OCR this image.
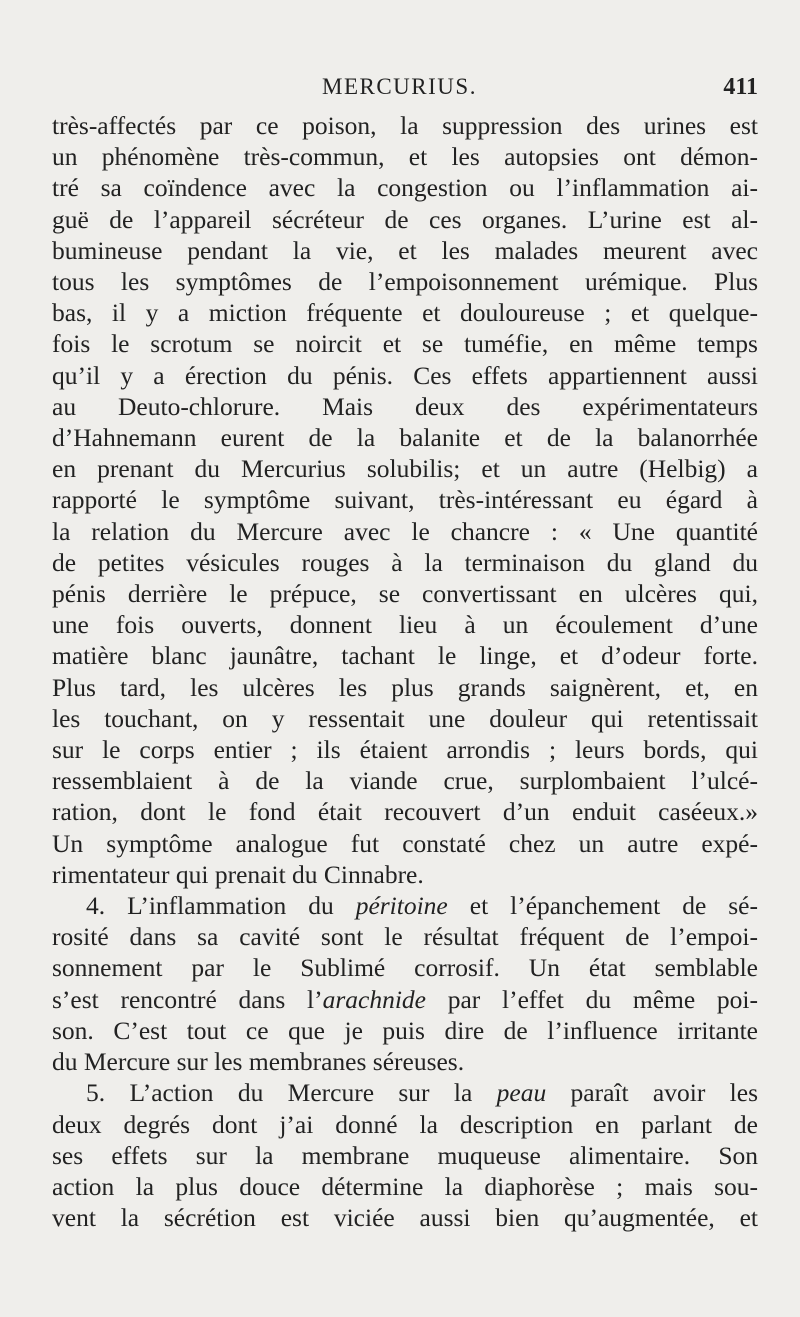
MERCURIUS.	411
très-affectés par ce poison, la suppression des urines est
un phénomène très-commun, et les autopsies ont démon-
tré sa coïndence avec la congestion ou l’inflammation ai-
guë de l’appareil sécréteur de ces organes. L’urine est al-
bumineuse pendant la vie, et les malades meurent avec
tous les symptômes de l’empoisonnement urémique. Plus
bas, il y a miction fréquente et douloureuse ; et quelque-
fois le scrotum se noircit et se tuméfie, en même temps
qu’il y a érection du pénis. Ces effets appartiennent aussi
au Deuto-chlorure. Mais deux des expérimentateurs
d’Hahnemann eurent de la balanite et de la balanorrhée
en prenant du Mercurius solubilis; et un autre (Helbig) a
rapporté le symptôme suivant, très-intéressant eu égard à
la relation du Mercure avec le chancre : « Une quantité
de petites vésicules rouges à la terminaison du gland du
pénis derrière le prépuce, se convertissant en ulcères qui,
une fois ouverts, donnent lieu à un écoulement d’une
matière blanc jaunâtre, tachant le linge, et d’odeur forte.
Plus tard, les ulcères les plus grands saignèrent, et, en
les touchant, on y ressentait une douleur qui retentissait
sur le corps entier ; ils étaient arrondis ; leurs bords, qui
ressemblaient à de la viande crue, surplombaient l’ulcé-
ration, dont le fond était recouvert d’un enduit caséeux.»
Un symptôme analogue fut constaté chez un autre expé-
rimentateur qui prenait du Cinnabre.
4. L’inflammation du péritoine et l’épanchement de sé-
rosité dans sa cavité sont le résultat fréquent de l’empoi-
sonnement par le Sublimé corrosif. Un état semblable
s’est rencontré dans l’arachnide par l’effet du même poi-
son. C’est tout ce que je puis dire de l’influence irritante
du Mercure sur les membranes séreuses.
5. L’action du Mercure sur la peau paraît avoir les
deux degrés dont j’ai donné la description en parlant de
ses effets sur la membrane muqueuse alimentaire. Son
action la plus douce détermine la diaphorèse ; mais sou-
vent la sécrétion est viciée aussi bien qu’augmentée, et
